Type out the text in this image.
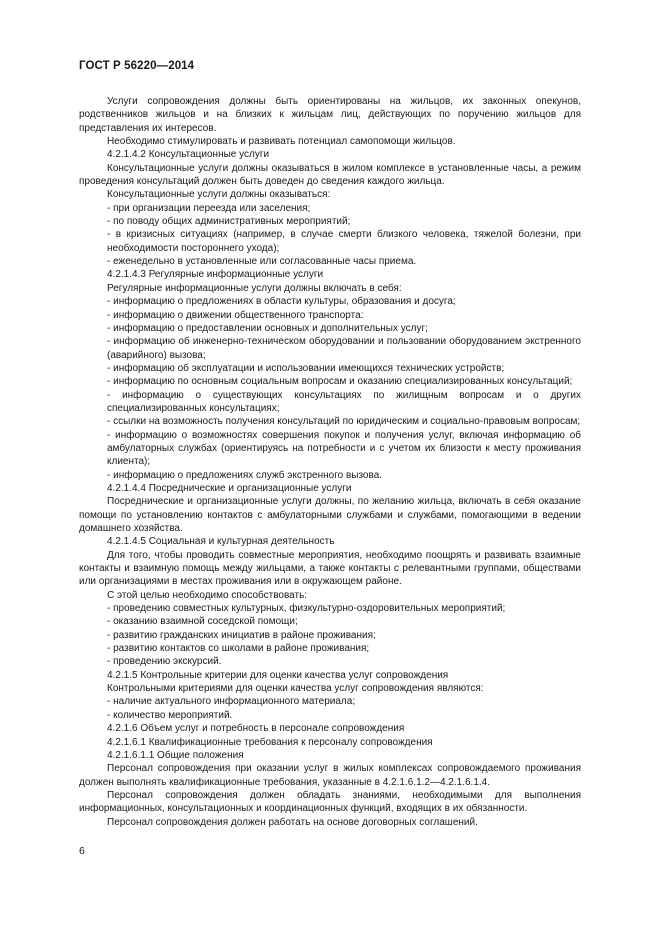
ГОСТ Р 56220—2014

Услуги сопровождения должны быть ориентированы на жильцов, их законных опекунов, родственников жильцов и на близких к жильцам лиц, действующих по поручению жильцов для представления их интересов.

Необходимо стимулировать и развивать потенциал самопомощи жильцов.

4.2.1.4.2 Консультационные услуги

Консультационные услуги должны оказываться в жилом комплексе в установленные часы, а режим проведения консультаций должен быть доведен до сведения каждого жильца.

Консультационные услуги должны оказываться:

- при организации переезда или заселения;

- по поводу общих административных мероприятий;

- в кризисных ситуациях (например, в случае смерти близкого человека, тяжелой болезни, при необходимости постороннего ухода);

- еженедельно в установленные или согласованные часы приема.

4.2.1.4.3 Регулярные информационные услуги

Регулярные информационные услуги должны включать в себя:

- информацию о предложениях в области культуры, образования и досуга;

- информацию о движении общественного транспорта:

- информацию о предоставлении основных и дополнительных услуг;

- информацию об инженерно-техническом оборудовании и пользовании оборудованием экстренного (аварийного) вызова;

- информацию об эксплуатации и использовании имеющихся технических устройств;

- информацию по основным социальным вопросам и оказанию специализированных консультаций;

- информацию о существующих консультациях по жилищным вопросам и о других специализированных консультациях;

- ссылки на возможность получения консультаций по юридическим и социально-правовым вопросам;

- информацию о возможностях совершения покупок и получения услуг, включая информацию об амбулаторных службах (ориентируясь на потребности и с учетом их близости к месту проживания клиента);

- информацию о предложениях служб экстренного вызова.

4.2.1.4.4 Посреднические и организационные услуги

Посреднические и организационные услуги должны, по желанию жильца, включать в себя оказание помощи по установлению контактов с амбулаторными службами и службами, помогающими в ведении домашнего хозяйства.

4.2.1.4.5 Социальная и культурная деятельность

Для того, чтобы проводить совместные мероприятия, необходимо поощрять и развивать взаимные контакты и взаимную помощь между жильцами, а также контакты с релевантными группами, обществами или организациями в местах проживания или в окружающем районе.

С этой целью необходимо способствовать:

- проведению совместных культурных, физкультурно-оздоровительных мероприятий;

- оказанию взаимной соседской помощи;

- развитию гражданских инициатив в районе проживания;

- развитию контактов со школами в районе проживания;

- проведению экскурсий.

4.2.1.5 Контрольные критерии для оценки качества услуг сопровождения

Контрольными критериями для оценки качества услуг сопровождения являются:

- наличие актуального информационного материала;

- количество мероприятий.

4.2.1.6 Объем услуг и потребность в персонале сопровождения

4.2.1.6.1 Квалификационные требования к персоналу сопровождения

4.2.1.6.1.1 Общие положения

Персонал сопровождения при оказании услуг в жилых комплексах сопровождаемого проживания должен выполнять квалификационные требования, указанные в 4.2.1.6.1.2—4.2.1.6.1.4.

Персонал сопровождения должен обладать знаниями, необходимыми для выполнения информационных, консультационных и координационных функций, входящих в их обязанности.

Персонал сопровождения должен работать на основе договорных соглашений.

6
